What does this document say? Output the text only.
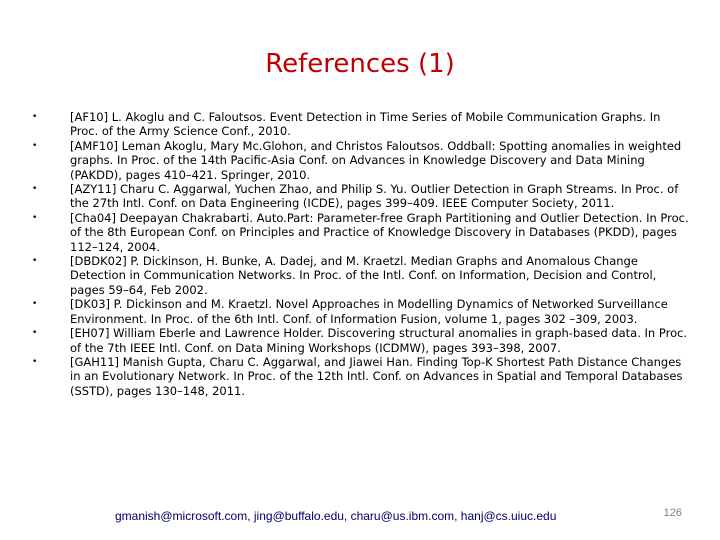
References (1)
•	[AF10] L. Akoglu and C. Faloutsos. Event Detection in Time Series of Mobile Communication Graphs. In Proc. of the Army Science Conf., 2010.
•	[AMF10] Leman Akoglu, Mary Mc.Glohon, and Christos Faloutsos. Oddball: Spotting anomalies in weighted graphs. In Proc. of the 14th Pacific-Asia Conf. on Advances in Knowledge Discovery and Data Mining (PAKDD), pages 410–421. Springer, 2010.
•	[AZY11] Charu C. Aggarwal, Yuchen Zhao, and Philip S. Yu. Outlier Detection in Graph Streams. In Proc. of the 27th Intl. Conf. on Data Engineering (ICDE), pages 399–409. IEEE Computer Society, 2011.
•	[Cha04] Deepayan Chakrabarti. Auto.Part: Parameter-free Graph Partitioning and Outlier Detection. In Proc. of the 8th European Conf. on Principles and Practice of Knowledge Discovery in Databases (PKDD), pages 112–124, 2004.
•	[DBDK02] P. Dickinson, H. Bunke, A. Dadej, and M. Kraetzl. Median Graphs and Anomalous Change Detection in Communication Networks. In Proc. of the Intl. Conf. on Information, Decision and Control, pages 59–64, Feb 2002.
•	[DK03] P. Dickinson and M. Kraetzl. Novel Approaches in Modelling Dynamics of Networked Surveillance Environment. In Proc. of the 6th Intl. Conf. of Information Fusion, volume 1, pages 302 –309, 2003.
•	[EH07] William Eberle and Lawrence Holder. Discovering structural anomalies in graph-based data. In Proc. of the 7th IEEE Intl. Conf. on Data Mining Workshops (ICDMW), pages 393–398, 2007.
•	[GAH11] Manish Gupta, Charu C. Aggarwal, and Jiawei Han. Finding Top-K Shortest Path Distance Changes in an Evolutionary Network. In Proc. of the 12th Intl. Conf. on Advances in Spatial and Temporal Databases (SSTD), pages 130–148, 2011.
gmanish@microsoft.com, jing@buffalo.edu, charu@us.ibm.com, hanj@cs.uiuc.edu	126
